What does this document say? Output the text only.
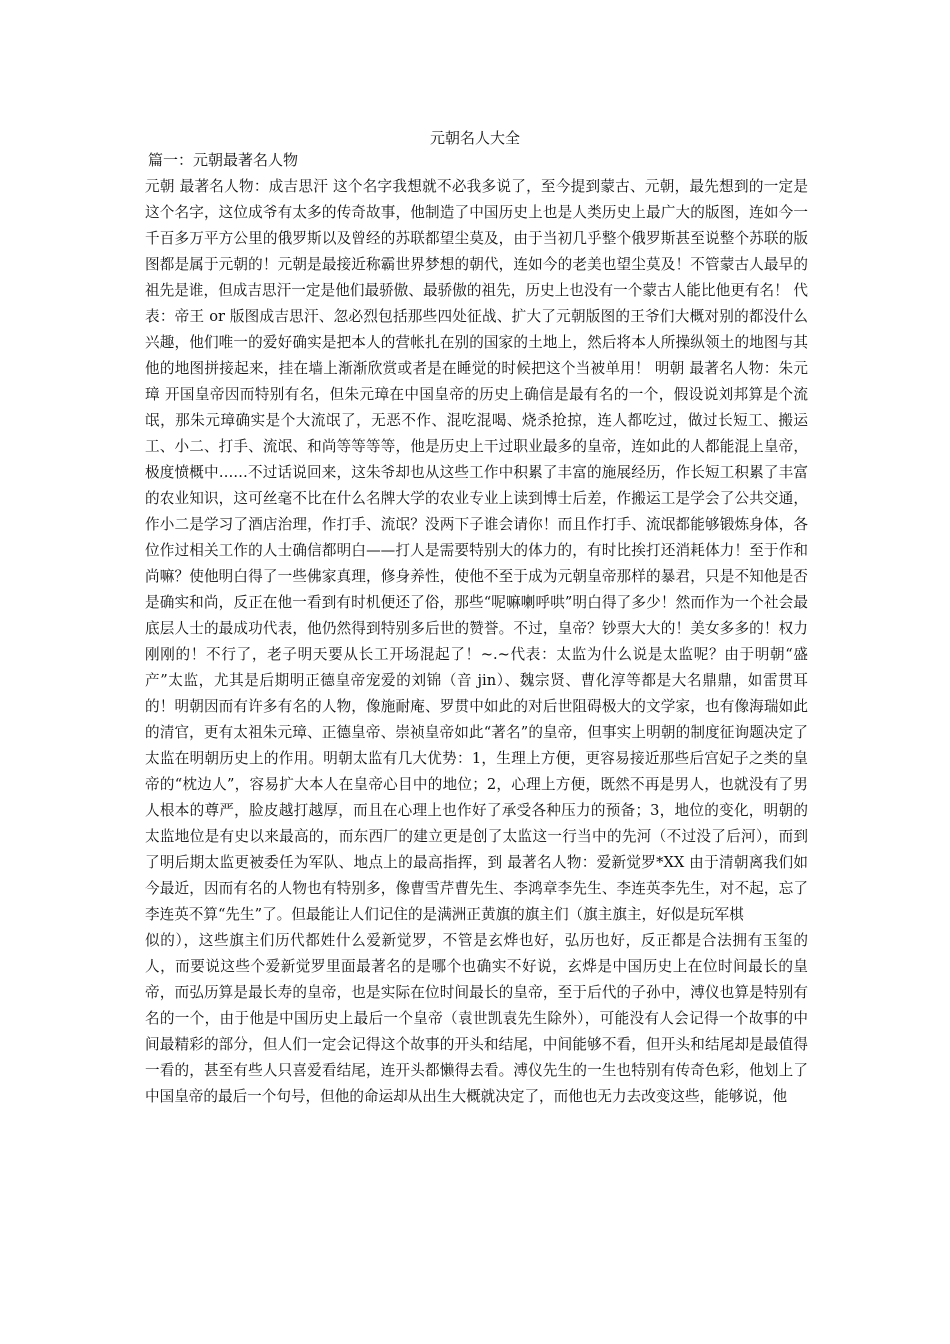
元朝名人大全
篇一：元朝最著名人物

元朝 最著名人物：成吉思汗 这个名字我想就不必我多说了，至今提到蒙古、元朝，最先想到的一定是这个名字，这位成爷有太多的传奇故事，他制造了中国历史上也是人类历史上最广大的版图，连如今一千百多万平方公里的俄罗斯以及曾经的苏联都望尘莫及，由于当初几乎整个俄罗斯甚至说整个苏联的版图都是属于元朝的！元朝是最接近称霸世界梦想的朝代，连如今的老美也望尘莫及！不管蒙古人最早的祖先是谁，但成吉思汗一定是他们最骄傲、最骄傲的祖先，历史上也没有一个蒙古人能比他更有名！ 代表：帝王 or 版图成吉思汗、忽必烈包括那些四处征战、扩大了元朝版图的王爷们大概对别的都没什么兴趣，他们唯一的爱好确实是把本人的营帐扎在别的国家的土地上，然后将本人所操纵领土的地图与其他的地图拼接起来，挂在墙上渐渐欣赏或者是在睡觉的时候把这个当被单用！ 明朝 最著名人物：朱元璋 开国皇帝因而特别有名，但朱元璋在中国皇帝的历史上确信是最有名的一个，假设说刘邦算是个流氓，那朱元璋确实是个大流氓了，无恶不作、混吃混喝、烧杀抢掠，连人都吃过，做过长短工、搬运工、小二、打手、流氓、和尚等等等等，他是历史上干过职业最多的皇帝，连如此的人都能混上皇帝，极度愤概中……不过话说回来，这朱爷却也从这些工作中积累了丰富的施展经历，作长短工积累了丰富的农业知识，这可丝毫不比在什么名牌大学的农业专业上读到博士后差，作搬运工是学会了公共交通，作小二是学习了酒店治理，作打手、流氓？没两下子谁会请你！而且作打手、流氓都能够锻炼身体，各位作过相关工作的人士确信都明白——打人是需要特别大的体力的，有时比挨打还消耗体力！至于作和尚嘛？使他明白得了一些佛家真理，修身养性，使他不至于成为元朝皇帝那样的暴君，只是不知他是否是确实和尚，反正在他一看到有时机便还了俗，那些“呢嘛喇呼哄”明白得了多少！然而作为一个社会最底层人士的最成功代表，他仍然得到特别多后世的赞誉。不过，皇帝？钞票大大的！美女多多的！权力刚刚的！不行了，老子明天要从长工开场混起了！~.~代表：太监为什么说是太监呢？由于明朝“盛产”太监，尤其是后期明正德皇帝宠爱的刘锦（音 jin）、魏宗贤、曹化淳等都是大名鼎鼎，如雷贯耳的！明朝因而有许多有名的人物，像施耐庵、罗贯中如此的对后世阻碍极大的文学家，也有像海瑞如此的清官，更有太祖朱元璋、正德皇帝、崇祯皇帝如此“著名”的皇帝，但事实上明朝的制度征询题决定了太监在明朝历史上的作用。明朝太监有几大优势：1，生理上方便，更容易接近那些后宫妃子之类的皇帝的“枕边人”，容易扩大本人在皇帝心目中的地位；2，心理上方便，既然不再是男人，也就没有了男人根本的尊严，脸皮越打越厚，而且在心理上也作好了承受各种压力的预备；3，地位的变化，明朝的太监地位是有史以来最高的，而东西厂的建立更是创了太监这一行当中的先河（不过没了后河），而到了明后期太监更被委任为军队、地点上的最高指挥，到 最著名人物：爱新觉罗*XX 由于清朝离我们如今最近，因而有名的人物也有特别多，像曹雪芹曹先生、李鸿章李先生、李连英李先生，对不起，忘了李连英不算“先生”了。但最能让人们记住的是满洲正黄旗的旗主们（旗主旗主，好似是玩军棋

似的），这些旗主们历代都姓什么爱新觉罗，不管是玄烨也好，弘历也好，反正都是合法拥有玉玺的人，而要说这些个爱新觉罗里面最著名的是哪个也确实不好说，玄烨是中国历史上在位时间最长的皇帝，而弘历算是最长寿的皇帝，也是实际在位时间最长的皇帝，至于后代的子孙中，溥仪也算是特别有名的一个，由于他是中国历史上最后一个皇帝（袁世凯袁先生除外），可能没有人会记得一个故事的中间最精彩的部分，但人们一定会记得这个故事的开头和结尾，中间能够不看，但开头和结尾却是最值得一看的，甚至有些人只喜爱看结尾，连开头都懒得去看。溥仪先生的一生也特别有传奇色彩，他划上了中国皇帝的最后一个句号，但他的命运却从出生大概就决定了，而他也无力去改变这些，能够说，他
